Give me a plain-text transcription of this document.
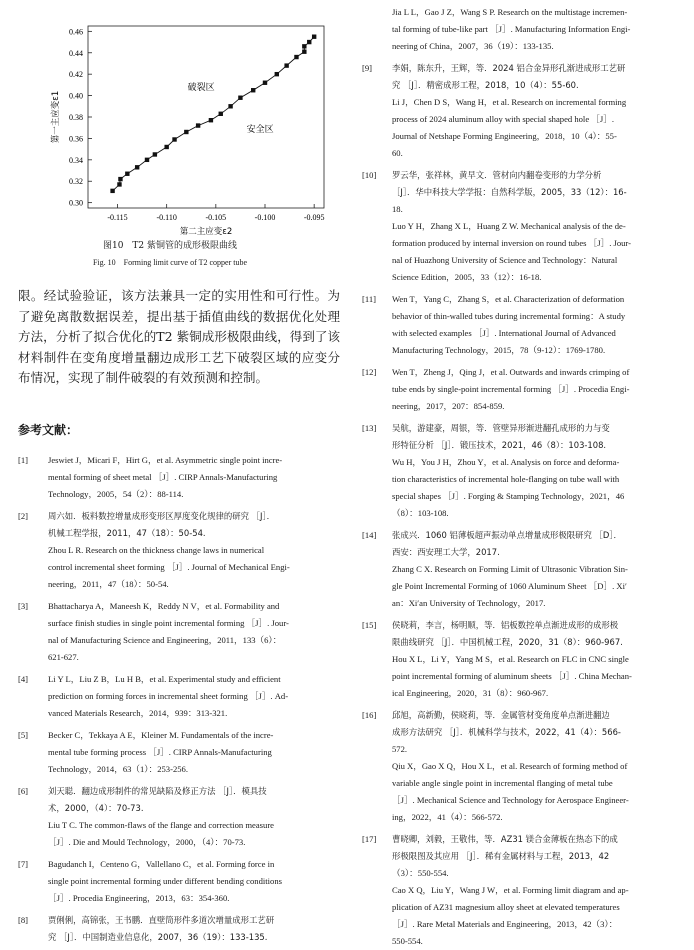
-0.115	-0.110	-0.105	-0.100	-0.095
0.30
0.32
0.34
0.36
0.38
0.40
0.42
0.44
0.46
第二主应变ε2
第一主应变ε1
破裂区
安全区
图10　T2 紫铜管的成形极限曲线
Fig. 10　Forming limit curve of T2 copper tube
限。经试验验证，该方法兼具一定的实用性和可行性。为了避免离散数据误差，提出基于插值曲线的数据优化处理方法，分析了拟合优化的T2 紫铜成形极限曲线，得到了该材料制件在变角度增量翻边成形工艺下破裂区域的应变分布情况，实现了制件破裂的有效预测和控制。
参考文献：
[1]	Jeswiet J，Micari F，Hirt G，et al. Asymmetric single point incre-

mental forming of sheet metal ［J］. CIRP Annals-Manufacturing

Technology，2005，54（2）：88-114.

[2]	周六如．板料数控增量成形变形区厚度变化规律的研究 ［J］．

机械工程学报，2011，47（18）：50-54.

Zhou L R. Research on the thickness change laws in numerical

control incremental sheet forming ［J］. Journal of Mechanical Engi-

neering，2011，47（18）：50-54.

[3]	Bhattacharya A，Maneesh K，Reddy N V，et al. Formability and

surface finish studies in single point incremental forming ［J］. Jour-

nal of Manufacturing Science and Engineering，2011，133（6）：

621-627.

[4]	Li Y L，Liu Z B，Lu H B，et al. Experimental study and efficient

prediction on forming forces in incremental sheet forming ［J］. Ad-

vanced Materials Research，2014，939：313-321.

[5]	Becker C，Tekkaya A E，Kleiner M. Fundamentals of the incre-

mental tube forming process ［J］. CIRP Annals-Manufacturing

Technology，2014，63（1）：253-256.

[6]	刘天聪．翻边成形制件的常见缺陷及修正方法 ［J］．模具技

术，2000，（4）：70-73.

Liu T C. The common-flaws of the flange and correction measure

［J］. Die and Mould Technology，2000，（4）：70-73.

[7]	Bagudanch I，Centeno G，Vallellano C，et al. Forming force in

single point incremental forming under different bending conditions

［J］. Procedia Engineering，2013，63：354-360.

[8]	贾俐俐，高锦张，王书鹏．直壁筒形件多道次增量成形工艺研

究 ［J］．中国制造业信息化，2007，36（19）：133-135.

Jia L L，Gao J Z，Wang S P. Research on the multistage incremen-

tal forming of tube-like part ［J］. Manufacturing Information Engi-

neering of China，2007，36（19）：133-135.

[9]	李娟，陈东升，王辉，等．2024 铝合金异形孔渐进成形工艺研

究 ［J］．精密成形工程，2018，10（4）：55-60.

Li J，Chen D S，Wang H，et al. Research on incremental forming

process of 2024 aluminum alloy with special shaped hole ［J］.

Journal of Netshape Forming Engineering，2018，10（4）：55-

60.

[10]	罗云华，张祥林，黄早文．管材向内翻卷变形的力学分析

［J］．华中科技大学学报：自然科学版，2005，33（12）：16-

18.

Luo Y H，Zhang X L，Huang Z W. Mechanical analysis of the de-

formation produced by internal inversion on round tubes ［J］. Jour-

nal of Huazhong University of Science and Technology：Natural

Science Edition，2005，33（12）：16-18.

[11]	Wen T，Yang C，Zhang S，et al. Characterization of deformation

behavior of thin-walled tubes during incremental forming：A study

with selected examples ［J］. International Journal of Advanced

Manufacturing Technology，2015，78（9-12）：1769-1780.

[12]	Wen T，Zheng J，Qing J，et al. Outwards and inwards crimping of

tube ends by single-point incremental forming ［J］. Procedia Engi-

neering，2017，207：854-859.

[13]	吴航，游建豪，周银，等．管壁异形渐进翻孔成形的力与变

形特征分析 ［J］．锻压技术，2021，46（8）：103-108.

Wu H，You J H，Zhou Y，et al. Analysis on force and deforma-

tion characteristics of incremental hole-flanging on tube wall with

special shapes ［J］. Forging & Stamping Technology，2021，46

（8）：103-108.

[14]	张成兴．1060 铝薄板超声振动单点增量成形极限研究 ［D］．

西安：西安理工大学，2017.

Zhang C X. Research on Forming Limit of Ultrasonic Vibration Sin-

gle Point Incremental Forming of 1060 Aluminum Sheet ［D］. Xi′

an：Xi′an University of Technology，2017.

[15]	侯晓莉，李言，杨明顺，等．铝板数控单点渐进成形的成形极

限曲线研究 ［J］．中国机械工程，2020，31（8）：960-967.

Hou X L，Li Y，Yang M S，et al. Research on FLC in CNC single

point incremental forming of aluminum sheets ［J］. China Mechan-

ical Engineering，2020，31（8）：960-967.

[16]	邱旭，高新勤，侯晓莉，等．金属管材变角度单点渐进翻边

成形方法研究 ［J］．机械科学与技术，2022，41（4）：566-

572.

Qiu X，Gao X Q，Hou X L，et al. Research of forming method of

variable angle single point in incremental flanging of metal tube

［J］. Mechanical Science and Technology for Aerospace Engineer-

ing，2022，41（4）：566-572.

[17]	曹晓卿，刘毅，王敬伟，等．AZ31 镁合金薄板在热态下的成

形极限图及其应用 ［J］．稀有金属材料与工程，2013，42

（3）：550-554.

Cao X Q，Liu Y，Wang J W，et al. Forming limit diagram and ap-

plication of AZ31 magnesium alloy sheet at elevated temperatures

［J］. Rare Metal Materials and Engineering，2013，42（3）：

550-554.
